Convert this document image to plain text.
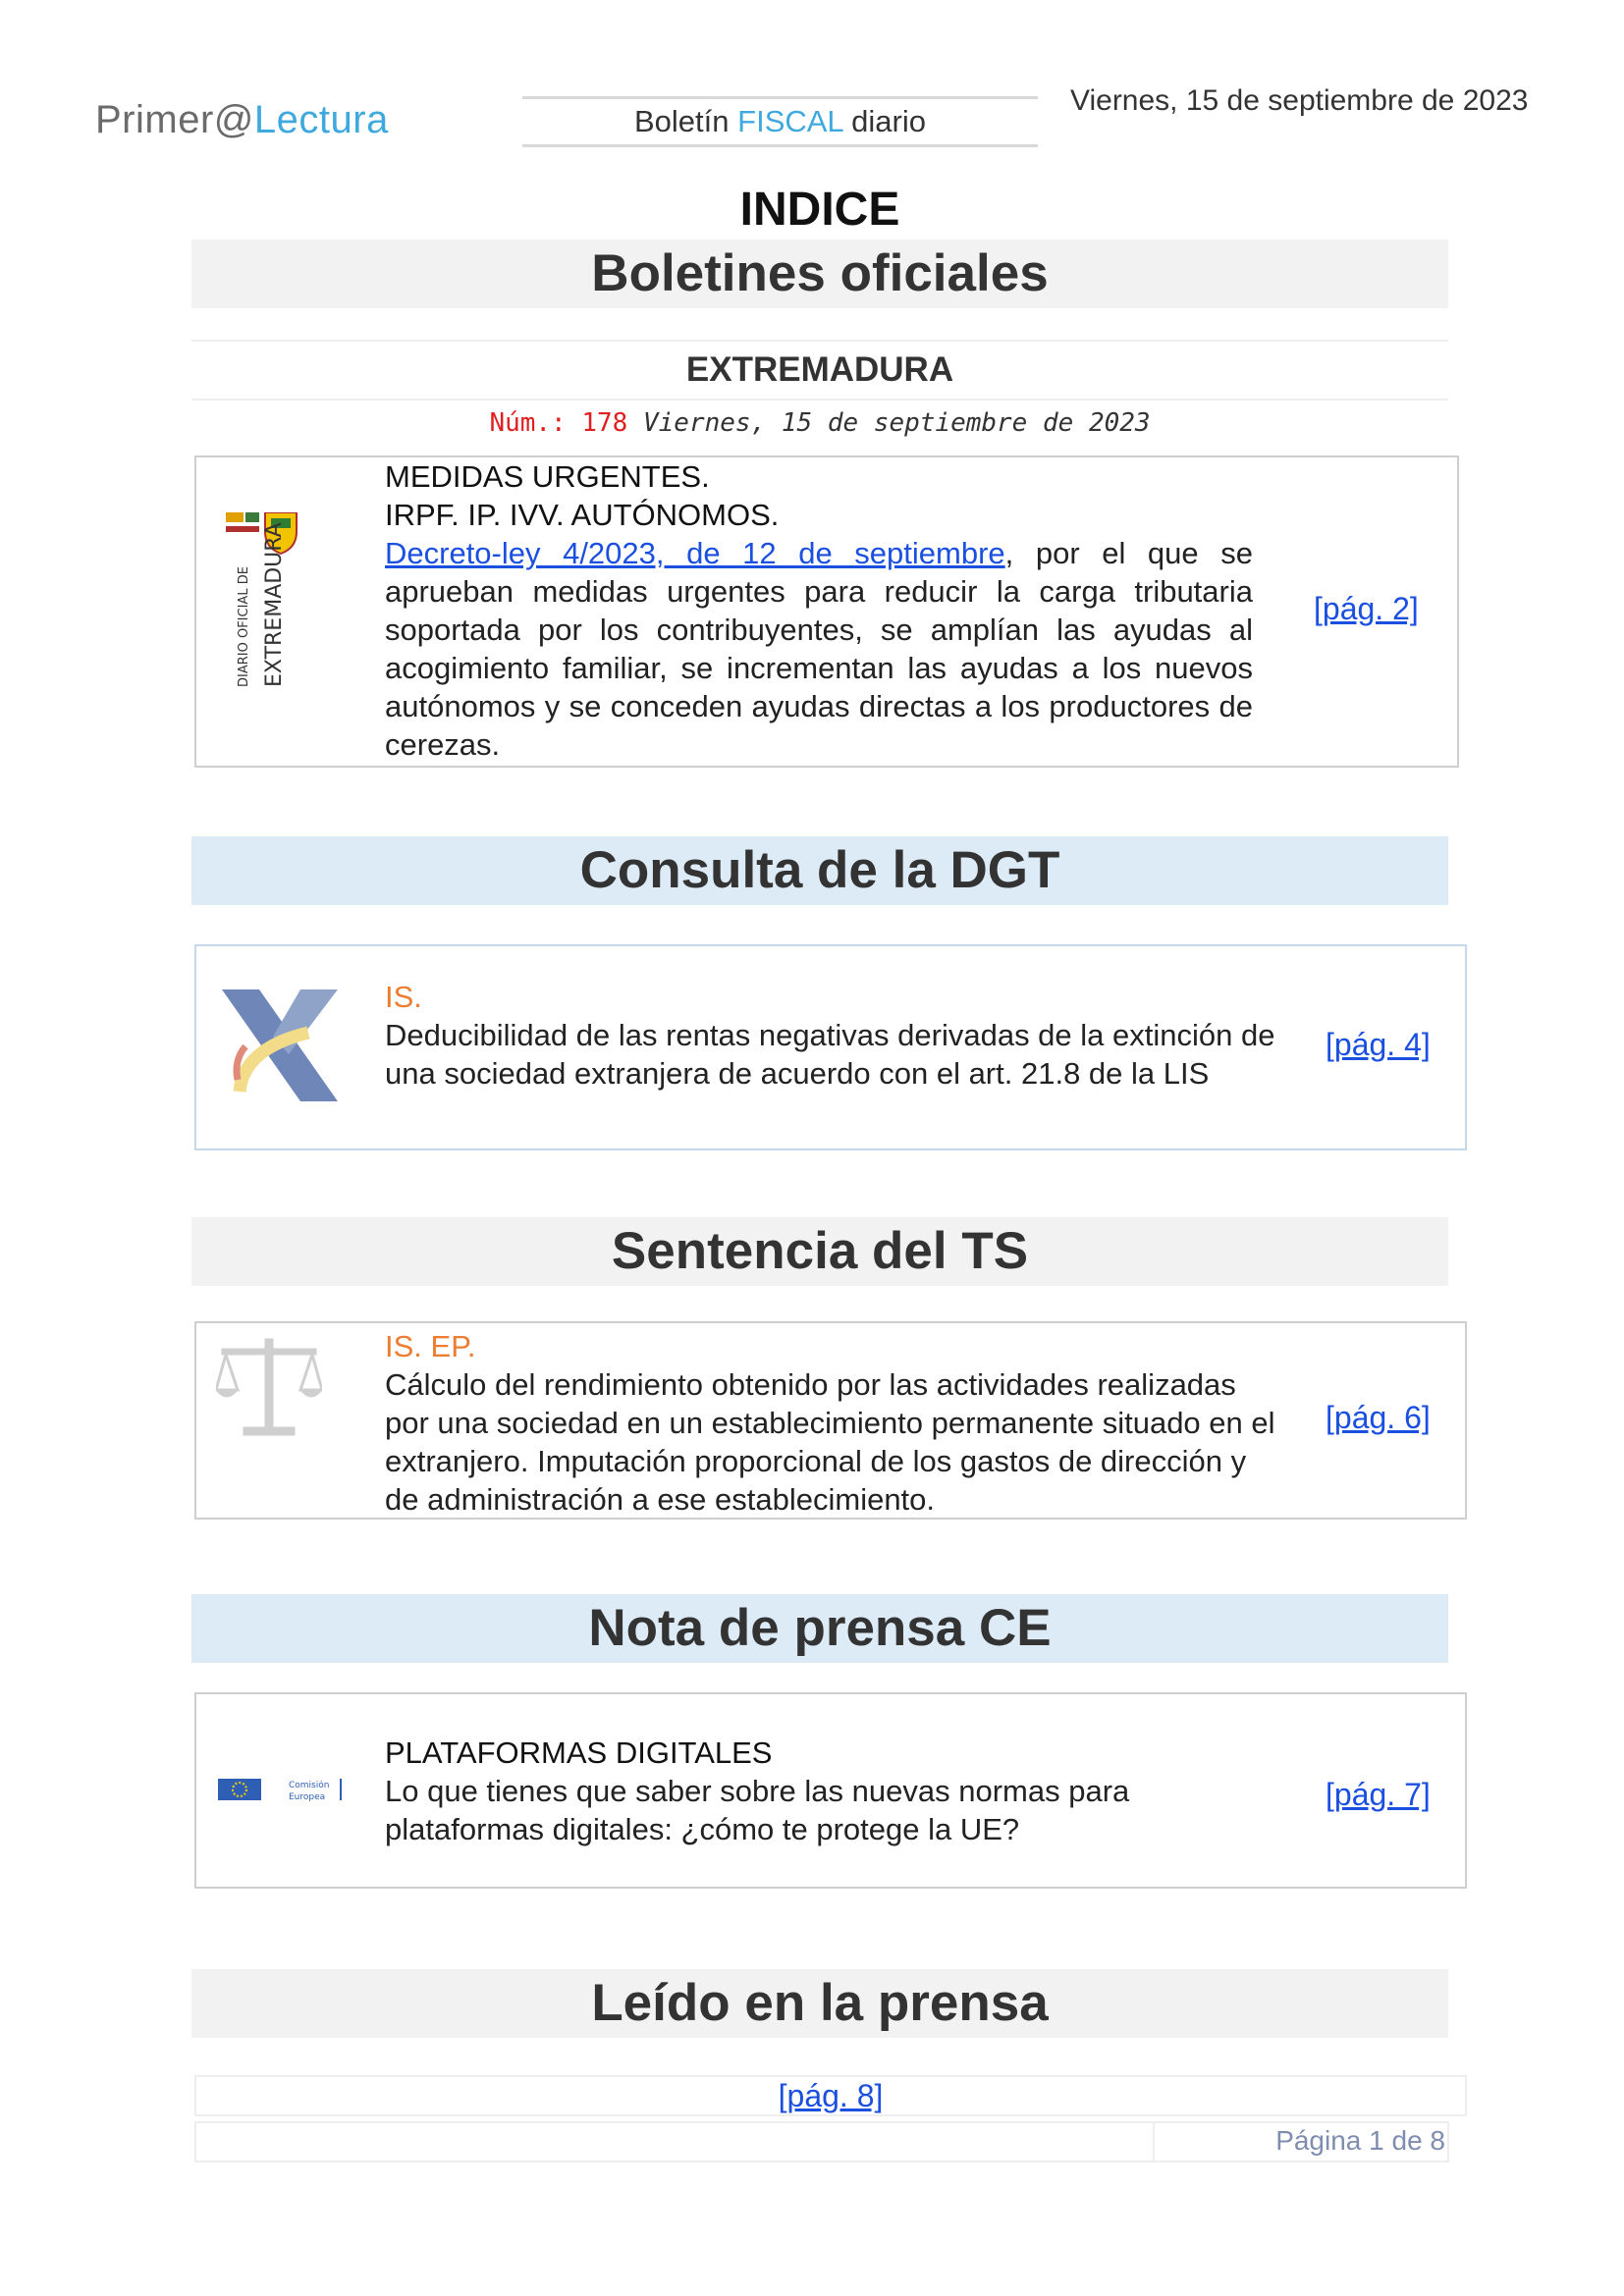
Primer@Lectura	Boletín FISCAL diario
Viernes, 15 de septiembre de 2023
INDICE
Boletines oficiales
EXTREMADURA
Núm.: 178 Viernes, 15 de septiembre de 2023
DIARIO OFICIAL DE EXTREMADURA
MEDIDAS URGENTES.
IRPF. IP. IVV. AUTÓNOMOS.
Decreto-ley 4/2023, de 12 de septiembre, por el que se aprueban medidas urgentes para reducir la carga tributaria soportada por los contribuyentes, se amplían las ayudas al acogimiento familiar, se incrementan las ayudas a los nuevos autónomos y se conceden ayudas directas a los productores de cerezas.
[pág. 2]
Consulta de la DGT
IS.
Deducibilidad de las rentas negativas derivadas de la extinción de una sociedad extranjera de acuerdo con el art. 21.8 de la LIS
[pág. 4]
Sentencia del TS
IS. EP.
Cálculo del rendimiento obtenido por las actividades realizadas por una sociedad en un establecimiento permanente situado en el extranjero. Imputación proporcional de los gastos de dirección y de administración a ese establecimiento.
[pág. 6]
Nota de prensa CE
Comisión
Europea
PLATAFORMAS DIGITALES
Lo que tienes que saber sobre las nuevas normas para plataformas digitales: ¿cómo te protege la UE?
[pág. 7]
Leído en la prensa
[pág. 8]
Página 1 de 8
